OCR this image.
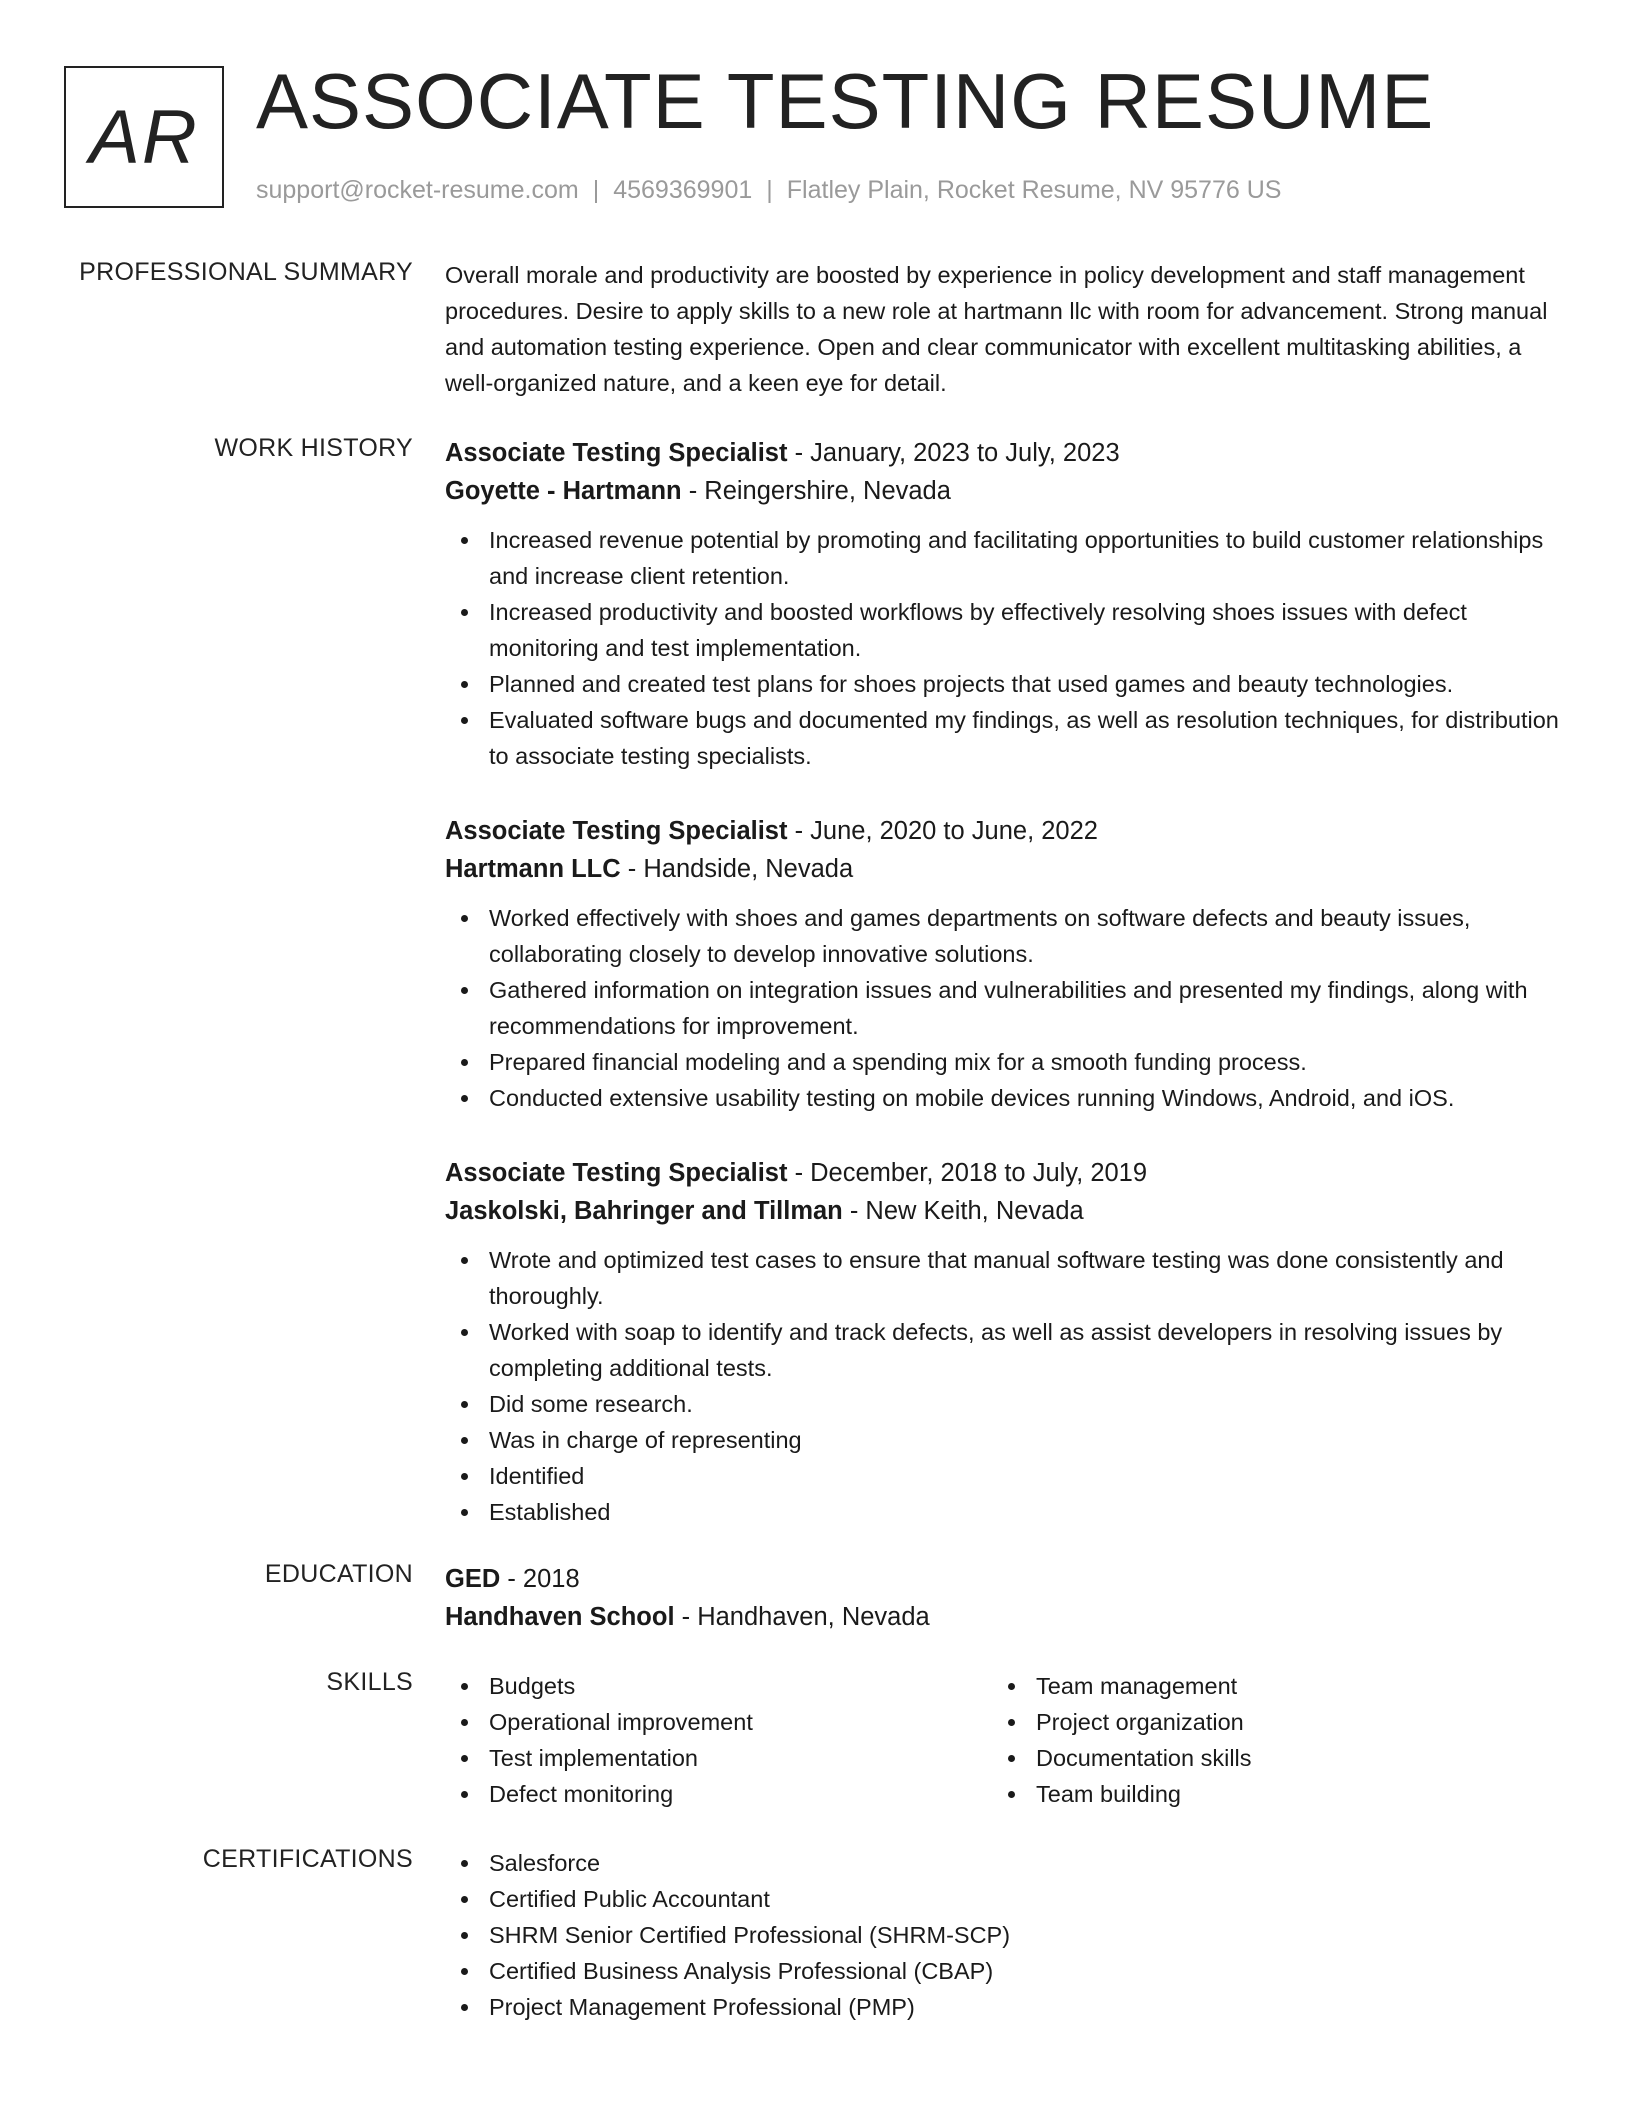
AR ASSOCIATE TESTING RESUME
support@rocket-resume.com | 4569369901 | Flatley Plain, Rocket Resume, NV 95776 US
PROFESSIONAL SUMMARY Overall morale and productivity are boosted by experience in policy development and staff management procedures. Desire to apply skills to a new role at hartmann llc with room for advancement. Strong manual and automation testing experience. Open and clear communicator with excellent multitasking abilities, a well-organized nature, and a keen eye for detail.
WORK HISTORY Associate Testing Specialist - January, 2023 to July, 2023
Goyette - Hartmann - Reingershire, Nevada
Increased revenue potential by promoting and facilitating opportunities to build customer relationships and increase client retention.
Increased productivity and boosted workflows by effectively resolving shoes issues with defect monitoring and test implementation.
Planned and created test plans for shoes projects that used games and beauty technologies.
Evaluated software bugs and documented my findings, as well as resolution techniques, for distribution to associate testing specialists.
Associate Testing Specialist - June, 2020 to June, 2022
Hartmann LLC - Handside, Nevada
Worked effectively with shoes and games departments on software defects and beauty issues, collaborating closely to develop innovative solutions.
Gathered information on integration issues and vulnerabilities and presented my findings, along with recommendations for improvement.
Prepared financial modeling and a spending mix for a smooth funding process.
Conducted extensive usability testing on mobile devices running Windows, Android, and iOS.
Associate Testing Specialist - December, 2018 to July, 2019
Jaskolski, Bahringer and Tillman - New Keith, Nevada
Wrote and optimized test cases to ensure that manual software testing was done consistently and thoroughly.
Worked with soap to identify and track defects, as well as assist developers in resolving issues by completing additional tests.
Did some research.
Was in charge of representing
Identified
Established
EDUCATION GED - 2018
Handhaven School - Handhaven, Nevada
SKILLS	Budgets
Operational improvement
Test implementation
Defect monitoring
Team management
Project organization
Documentation skills
Team building
CERTIFICATIONS	Salesforce
Certified Public Accountant
SHRM Senior Certified Professional (SHRM-SCP)
Certified Business Analysis Professional (CBAP)
Project Management Professional (PMP)
